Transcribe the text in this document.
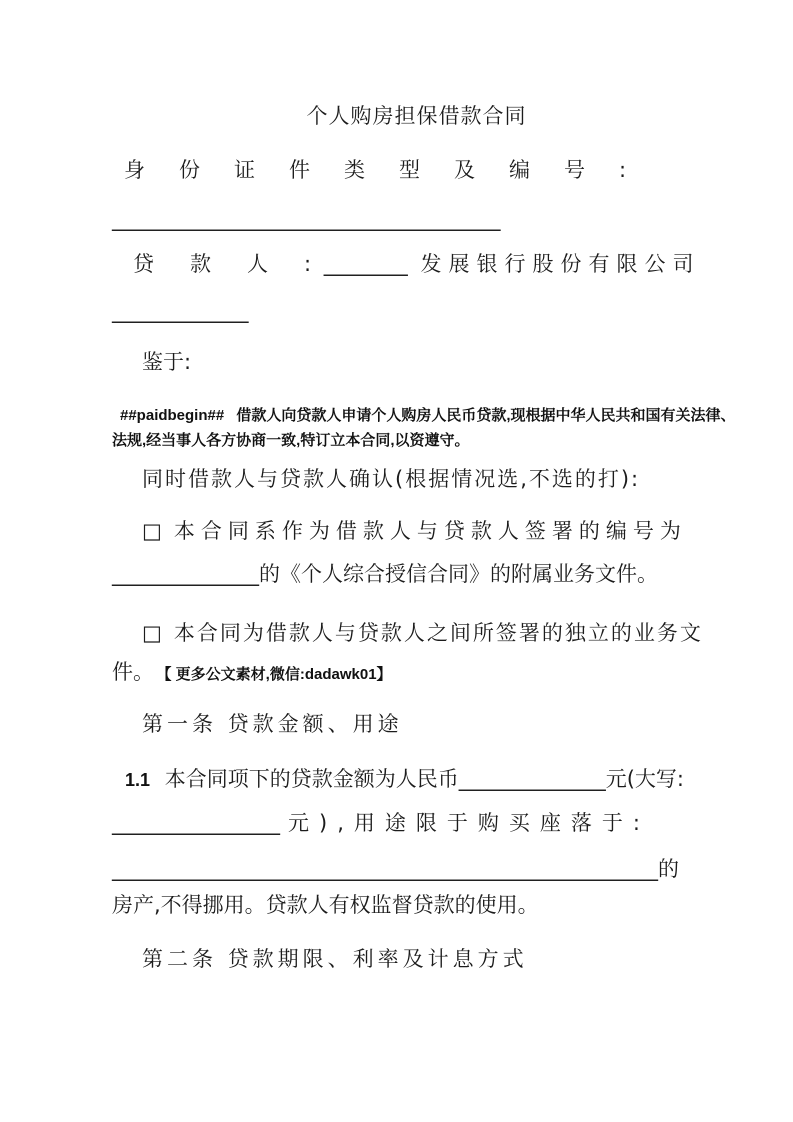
个人购房担保借款合同
身份证件类型及编号:
_____________________________________
贷款人: ________ 发展银行股份有限公司
_____________
鉴于:
##paidbegin## 借款人向贷款人申请个人购房人民币贷款,现根据中华人民共和国有关法律、
法规,经当事人各方协商一致,特订立本合同,以资遵守。
同时借款人与贷款人确认(根据情况选,不选的打):
□ 本合同系作为借款人与贷款人签署的编号为
______________的《个人综合授信合同》的附属业务文件。
□ 本合同为借款人与贷款人之间所签署的独立的业务文
件。 【 更多公文素材,微信:dadawk01】
第一条 贷款金额、用途
1.1 本合同项下的贷款金额为人民币______________元(大写:
________________ 元),用途限于购买座落于:
____________________________________________________的
房产,不得挪用。贷款人有权监督贷款的使用。
第二条 贷款期限、利率及计息方式
